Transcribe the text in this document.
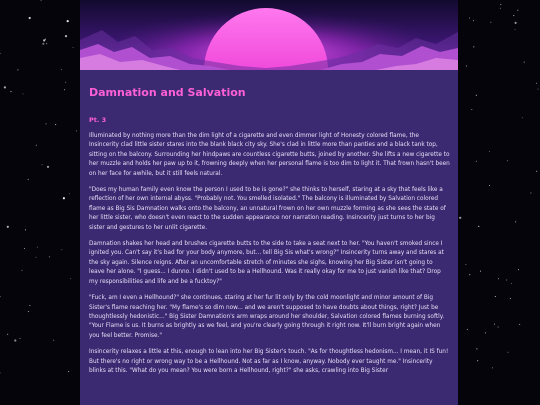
Damnation and Salvation
Pt. 3

Illuminated by nothing more than the dim light of a cigarette and even dimmer light of Honesty colored flame, the Insincerity clad little sister stares into the blank black city sky. She's clad in little more than panties and a black tank top, sitting on the balcony. Surrounding her hindpaws are countless cigarette butts, joined by another. She lifts a new cigarette to her muzzle and holds her paw up to it, frowning deeply when her personal flame is too dim to light it. That frown hasn't been on her face for awhile, but it still feels natural.

"Does my human family even know the person I used to be is gone?" she thinks to herself, staring at a sky that feels like a reflection of her own internal abyss. "Probably not. You smelled isolated." The balcony is illuminated by Salvation colored flame as Big Sis Damnation walks onto the balcony, an unnatural frown on her own muzzle forming as she sees the state of her little sister, who doesn't even react to the sudden appearance nor narration reading. Insincerity just turns to her big sister and gestures to her unlit cigarette.

Damnation shakes her head and brushes cigarette butts to the side to take a seat next to her. "You haven't smoked since I ignited you. Can't say it's bad for your body anymore, but... tell Big Sis what's wrong?" Insincerity turns away and stares at the sky again. Silence reigns. After an uncomfortable stretch of minutes she sighs, knowing her Big Sister isn't going to leave her alone. "I guess... I dunno. I didn't used to be a Hellhound. Was it really okay for me to just vanish like that? Drop my responsibilities and life and be a fucktoy?"

"Fuck, am I even a Hellhound?" she continues, staring at her fur lit only by the cold moonlight and minor amount of Big Sister's flame reaching her. "My flame's so dim now... and we aren't supposed to have doubts about things, right? Just be thoughtlessly hedonistic..." Big Sister Damnation's arm wraps around her shoulder, Salvation colored flames burning softly. "Your Flame is us. It burns as brightly as we feel, and you're clearly going through it right now. It'll burn bright again when you feel better. Promise."

Insincerity relaxes a little at this, enough to lean into her Big Sister's touch. "As for thoughtless hedonism... I mean, it IS fun! But there's no right or wrong way to be a Hellhound. Not as far as I know, anyway. Nobody ever taught me." Insincerity blinks at this. "What do you mean? You were born a Hellhound, right?" she asks, crawling into Big Sister
